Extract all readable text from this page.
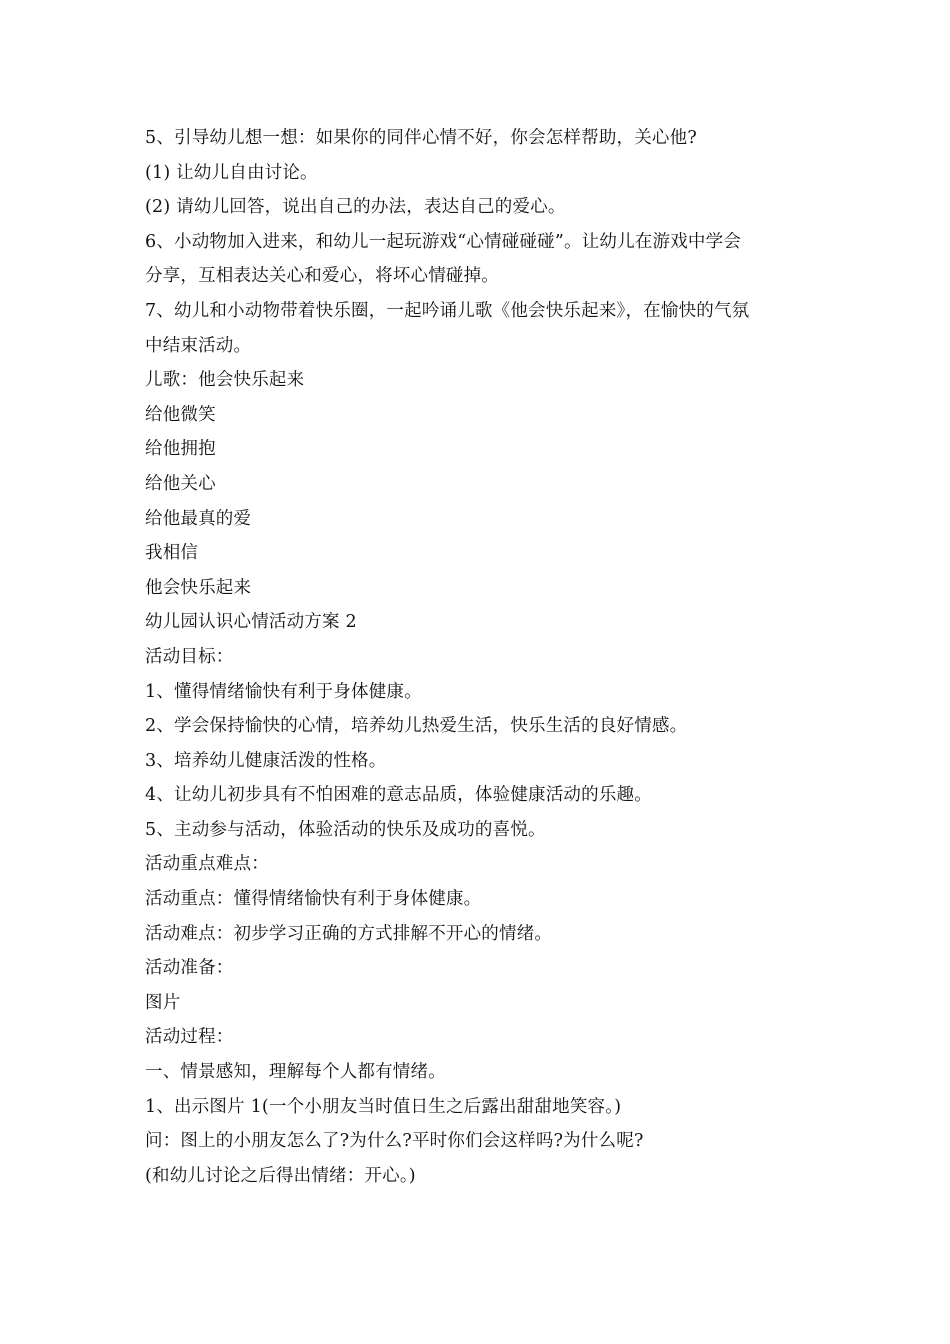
5、引导幼儿想一想：如果你的同伴心情不好，你会怎样帮助，关心他?
(1) 让幼儿自由讨论。
(2) 请幼儿回答，说出自己的办法，表达自己的爱心。
6、小动物加入进来，和幼儿一起玩游戏“心情碰碰碰”。让幼儿在游戏中学会
分享，互相表达关心和爱心，将坏心情碰掉。
7、幼儿和小动物带着快乐圈，一起吟诵儿歌《他会快乐起来》，在愉快的气氛
中结束活动。
儿歌：他会快乐起来
给他微笑
给他拥抱
给他关心
给他最真的爱
我相信
他会快乐起来
幼儿园认识心情活动方案 2
活动目标：
1、懂得情绪愉快有利于身体健康。
2、学会保持愉快的心情，培养幼儿热爱生活，快乐生活的良好情感。
3、培养幼儿健康活泼的性格。
4、让幼儿初步具有不怕困难的意志品质，体验健康活动的乐趣。
5、主动参与活动，体验活动的快乐及成功的喜悦。
活动重点难点：
活动重点：懂得情绪愉快有利于身体健康。
活动难点：初步学习正确的方式排解不开心的情绪。
活动准备：
图片
活动过程：
一、情景感知，理解每个人都有情绪。
1、出示图片 1(一个小朋友当时值日生之后露出甜甜地笑容。)
问：图上的小朋友怎么了?为什么?平时你们会这样吗?为什么呢?
(和幼儿讨论之后得出情绪：开心。)
